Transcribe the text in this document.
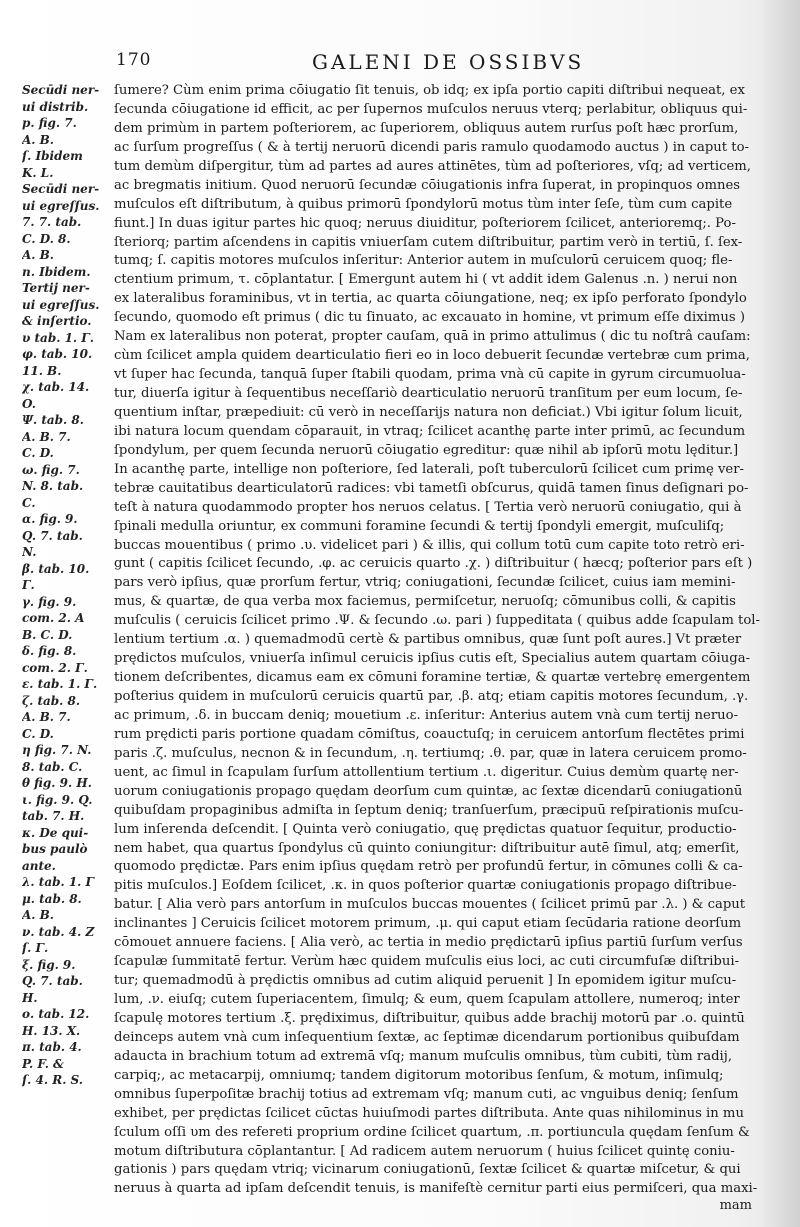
170	GALENI DE OSSIBVS
Secūdi ner-
ui distrib.
p. fig. 7.
A. B.
ſ. Ibidem
K. L.
Secūdi ner-
ui egreſſus.
7. 7. tab.
C. D. 8.
A. B.
n. Ibidem.
Tertij ner-
ui egreſſus.
& inſertio.
υ tab. 1. Γ.
φ. tab. 10.
11. B.
χ. tab. 14.
O.
Ψ. tab. 8.
A. B. 7.
C. D.
ω. fig. 7.
N. 8. tab.
C.
α. fig. 9.
Q. 7. tab.
N.
β. tab. 10.
Γ.
γ. fig. 9.
com. 2. A
B. C. D.
δ. fig. 8.
com. 2. Γ.
ε. tab. 1. Γ.
ζ. tab. 8.
A. B. 7.
C. D.
η fig. 7. N.
8. tab. C.
θ fig. 9. H.
ι. fig. 9. Q.
tab. 7. H.
κ. De qui-
bus paulò
ante.
λ. tab. 1. Γ
μ. tab. 8.
A. B.
ν. tab. 4. Z
ſ. Γ.
ξ. fig. 9.
Q. 7. tab.
H.
ο. tab. 12.
H. 13. X.
π. tab. 4.
P. F. &
ſ. 4. R. S.
ſumere? Cùm enim prima cōiugatio ſit tenuis, ob idq; ex ipſa portio capiti diſtribui nequeat, ex
ſecunda cōiugatione id efficit, ac per ſupernos muſculos neruus vterq; perlabitur, obliquus qui-
dem primùm in partem poſteriorem, ac ſuperiorem, obliquus autem rurſus poſt hæc prorſum,
ac ſurſum progreſſus ( & à tertij neruorū dicendi paris ramulo quodamodo auctus ) in caput to-
tum demùm diſpergitur, tùm ad partes ad aures attinētes, tùm ad poſteriores, vſq; ad verticem,
ac bregmatis initium. Quod neruorū ſecundæ cōiugationis infra ſuperat, in propinquos omnes
muſculos eſt diſtributum, à quibus primorū ſpondylorū motus tùm inter ſeſe, tùm cum capite
fiunt.] In duas igitur partes hic quoq; neruus diuiditur, poſteriorem ſcilicet, anterioremq;. Po-
ſteriorq; partim aſcendens in capitis vniuerſam cutem diſtribuitur, partim verò in tertiū, ſ. ſex-
tumq; ſ. capitis motores muſculos inſeritur: Anterior autem in muſculorū ceruicem quoq; fle-
ctentium primum, τ. cōplantatur. [ Emergunt autem hi ( vt addit idem Galenus .n. ) nerui non
ex lateralibus foraminibus, vt in tertia, ac quarta cōiungatione, neq; ex ipſo perforato ſpondylo
ſecundo, quomodo eſt primus ( dic tu ſinuato, ac excauato in homine, vt primum eſſe diximus )
Nam ex lateralibus non poterat, propter cauſam, quā in primo attulimus ( dic tu noſtrâ cauſam:
cùm ſcilicet ampla quidem dearticulatio fieri eo in loco debuerit ſecundæ vertebræ cum prima,
vt ſuper hac ſecunda, tanquā ſuper ſtabili quodam, prima vnà cū capite in gyrum circumuolua-
tur, diuerſa igitur à ſequentibus neceſſariò dearticulatio neruorū tranſitum per eum locum, ſe-
quentium inſtar, præpediuit: cū verò in neceſſarijs natura non deficiat.) Vbi igitur ſolum licuit,
ibi natura locum quendam cōparauit, in vtraq; ſcilicet acanthę parte inter primū, ac ſecundum
ſpondylum, per quem ſecunda neruorū cōiugatio egreditur: quæ nihil ab ipſorū motu lęditur.]
In acanthę parte, intellige non poſteriore, ſed laterali, poſt tuberculorū ſcilicet cum primę ver-
tebræ cauitatibus dearticulatorū radices: vbi tametſi obſcurus, quidā tamen ſinus deſignari po-
teſt à natura quodammodo propter hos neruos celatus. [ Tertia verò neruorū coniugatio, qui à
ſpinali medulla oriuntur, ex communi foramine ſecundi & tertij ſpondyli emergit, muſculiſq;
buccas mouentibus ( primo .υ. videlicet pari ) & illis, qui collum totū cum capite toto retrò eri-
gunt ( capitis ſcilicet ſecundo, .φ. ac ceruicis quarto .χ. ) diſtribuitur ( hæcq; poſterior pars eſt )
pars verò ipſius, quæ prorſum fertur, vtriq; coniugationi, ſecundæ ſcilicet, cuius iam memini-
mus, & quartæ, de qua verba mox faciemus, permiſcetur, neruoſq; cōmunibus colli, & capitis
muſculis ( ceruicis ſcilicet primo .Ψ. & ſecundo .ω. pari ) ſuppeditata ( quibus adde ſcapulam tol-
lentium tertium .α. ) quemadmodū certè & partibus omnibus, quæ ſunt poſt aures.] Vt præter
prędictos muſculos, vniuerſa inſimul ceruicis ipſius cutis eſt, Specialius autem quartam cōiuga-
tionem deſcribentes, dicamus eam ex cōmuni foramine tertiæ, & quartæ vertebrę emergentem
poſterius quidem in muſculorū ceruicis quartū par, .β. atq; etiam capitis motores ſecundum, .γ.
ac primum, .δ. in buccam deniq; mouetium .ε. inſeritur: Anterius autem vnà cum tertij neruo-
rum prędicti paris portione quadam cōmiſtus, coauctuſq; in ceruicem antorſum flectētes primi
paris .ζ. muſculus, necnon & in ſecundum, .η. tertiumq; .θ. par, quæ in latera ceruicem promo-
uent, ac ſimul in ſcapulam ſurſum attollentium tertium .ι. digeritur. Cuius demùm quartę ner-
uorum coniugationis propago quędam deorſum cum quintæ, ac ſextæ dicendarū coniugationū
quibuſdam propaginibus admiſta in ſeptum deniq; tranſuerſum, præcipuū reſpirationis muſcu-
lum inſerenda deſcendit. [ Quinta verò coniugatio, quę prędictas quatuor ſequitur, productio-
nem habet, qua quartus ſpondylus cū quinto coniungitur: diſtribuitur autē ſimul, atq; emerſit,
quomodo prędictæ. Pars enim ipſius quędam retrò per profundū fertur, in cōmunes colli & ca-
pitis muſculos.] Eoſdem ſcilicet, .κ. in quos poſterior quartæ coniugationis propago diſtribue-
batur. [ Alia verò pars antorſum in muſculos buccas mouentes ( ſcilicet primū par .λ. ) & caput
inclinantes ] Ceruicis ſcilicet motorem primum, .μ. qui caput etiam ſecūdaria ratione deorſum
cōmouet annuere faciens. [ Alia verò, ac tertia in medio prędictarū ipſius partiū ſurſum verſus
ſcapulæ ſummitatē fertur. Verùm hæc quidem muſculis eius loci, ac cuti circumfuſæ diſtribui-
tur; quemadmodū à prędictis omnibus ad cutim aliquid peruenit ] In epomidem igitur muſcu-
lum, .ν. eiuſq; cutem ſuperiacentem, ſimulq; & eum, quem ſcapulam attollere, numeroq; inter
ſcapulę motores tertium .ξ. prędiximus, diſtribuitur, quibus adde brachij motorū par .ο. quintū
deinceps autem vnà cum inſequentium ſextæ, ac ſeptimæ dicendarum portionibus quibuſdam
adaucta in brachium totum ad extremā vſq; manum muſculis omnibus, tùm cubiti, tùm radij,
carpiq;, ac metacarpij, omniumq; tandem digitorum motoribus ſenſum, & motum, inſimulq;
omnibus ſuperpoſitæ brachij totius ad extremam vſq; manum cuti, ac vnguibus deniq; ſenſum
exhibet, per prędictas ſcilicet cūctas huiuſmodi partes diſtributa. Ante quas nihilominus in mu
ſculum oſſi υm des refereti proprium ordine ſcilicet quartum, .π. portiuncula quędam ſenſum &
motum diſtributura cōplantantur. [ Ad radicem autem neruorum ( huius ſcilicet quintę coniu-
gationis ) pars quędam vtriq; vicinarum coniugationū, ſextæ ſcilicet & quartæ miſcetur, & qui
neruus à quarta ad ipſam deſcendit tenuis, is manifeſtè cernitur parti eius permiſceri, qua maxi-
mam
